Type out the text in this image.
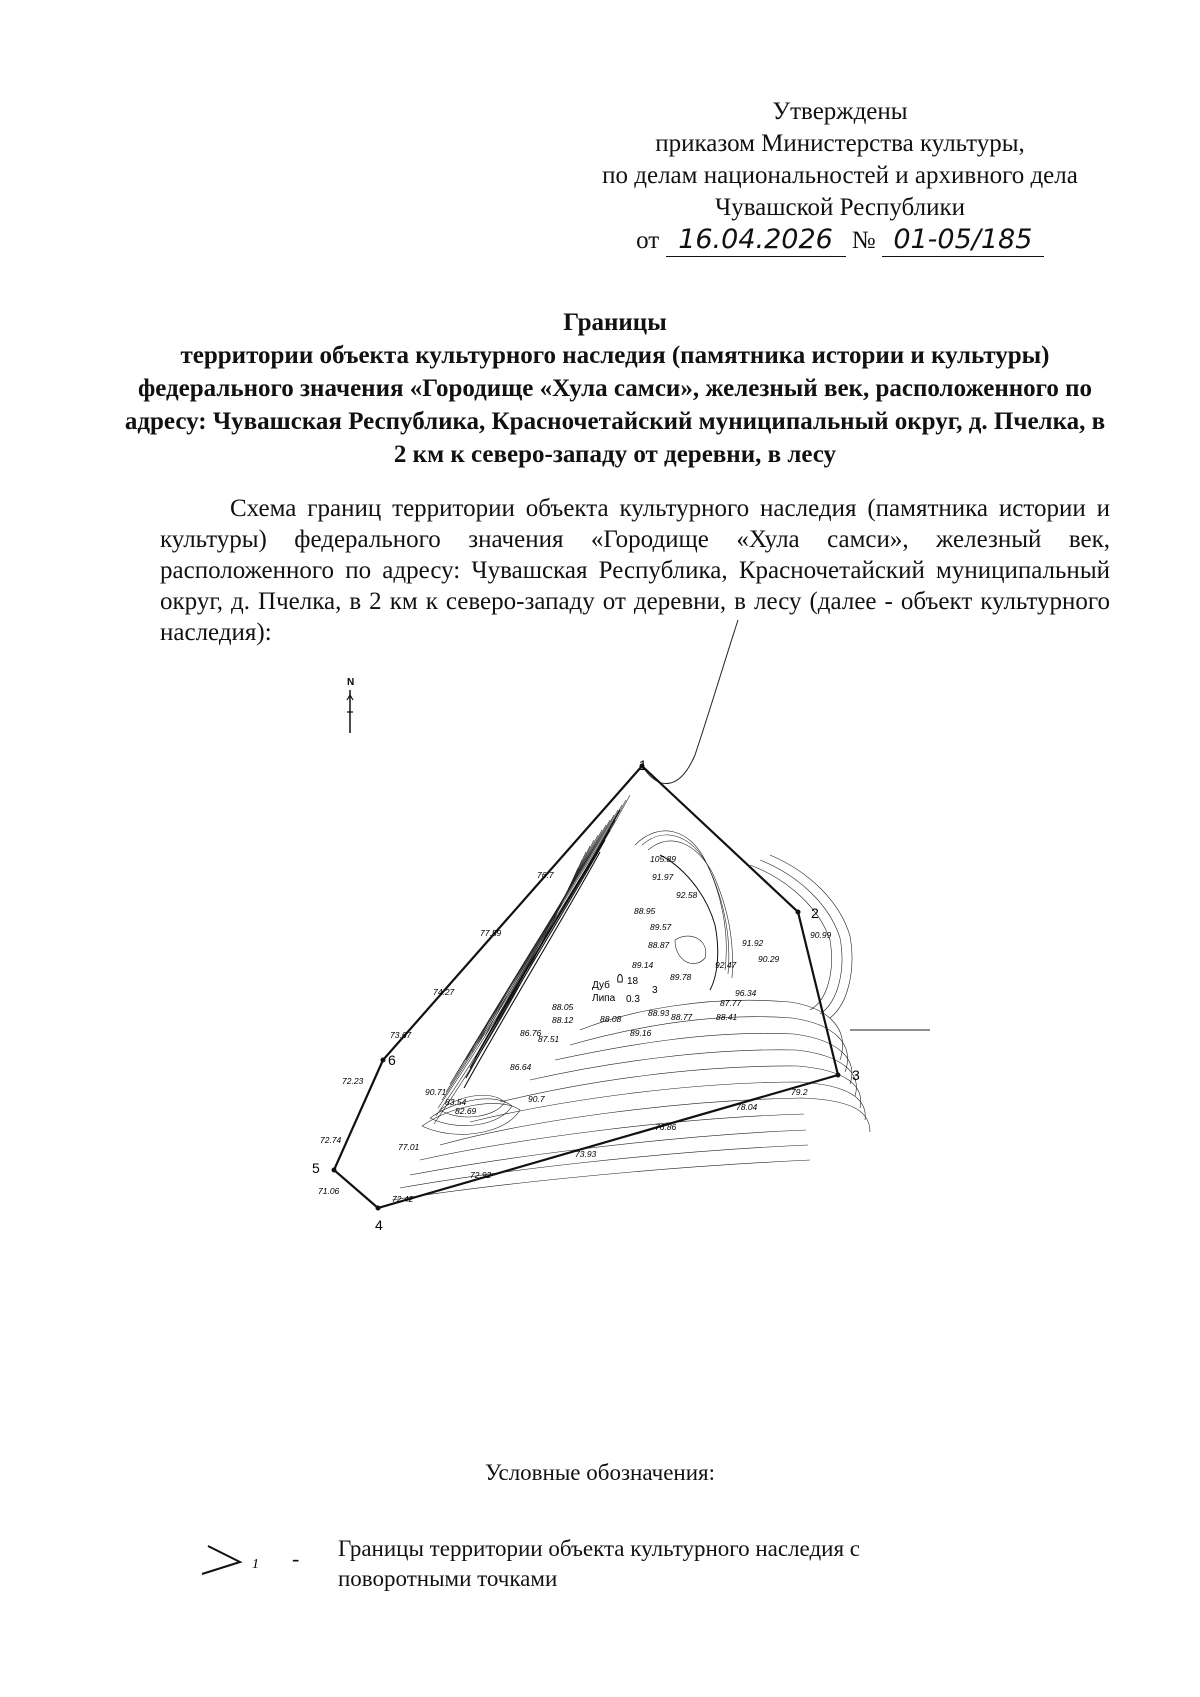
Утверждены
приказом Министерства культуры,
по делам национальностей и архивного дела
Чувашской Республики
от 16.04.2026 № 01-05/185
Границы
территории объекта культурного наследия (памятника истории и культуры) федерального значения «Городище «Хула самси», железный век, расположенного по адресу: Чувашская Республика, Красночетайский муниципальный округ, д. Пчелка, в 2 км к северо-западу от деревни, в лесу
Схема границ территории объекта культурного наследия (памятника истории и культуры) федерального значения «Городище «Хула самси», железный век, расположенного по адресу: Чувашская Республика, Красночетайский муниципальный округ, д. Пчелка, в 2 км к северо-западу от деревни, в лесу (далее - объект культурного наследия):
N
1
2
3
4
5
6
Дуб
Липа
18
0.3
3
105.89
91.97
92.58
88.95
89.57
88.87
89.14
89.78
92.47
91.92
90.99
90.29
96.34
87.77
88.41
88.77
88.93
88.08
89.16
88.05
88.12
87.51
86.76
86.64
83.54
90.71
82.69
90.7
76.7
77.59
74.27
73.67
72.23
72.74
71.06
72.42
77.01
72.92
73.93
76.86
78.04
79.2
Условные обозначения:
1 - Границы территории объекта культурного наследия с поворотными точками
